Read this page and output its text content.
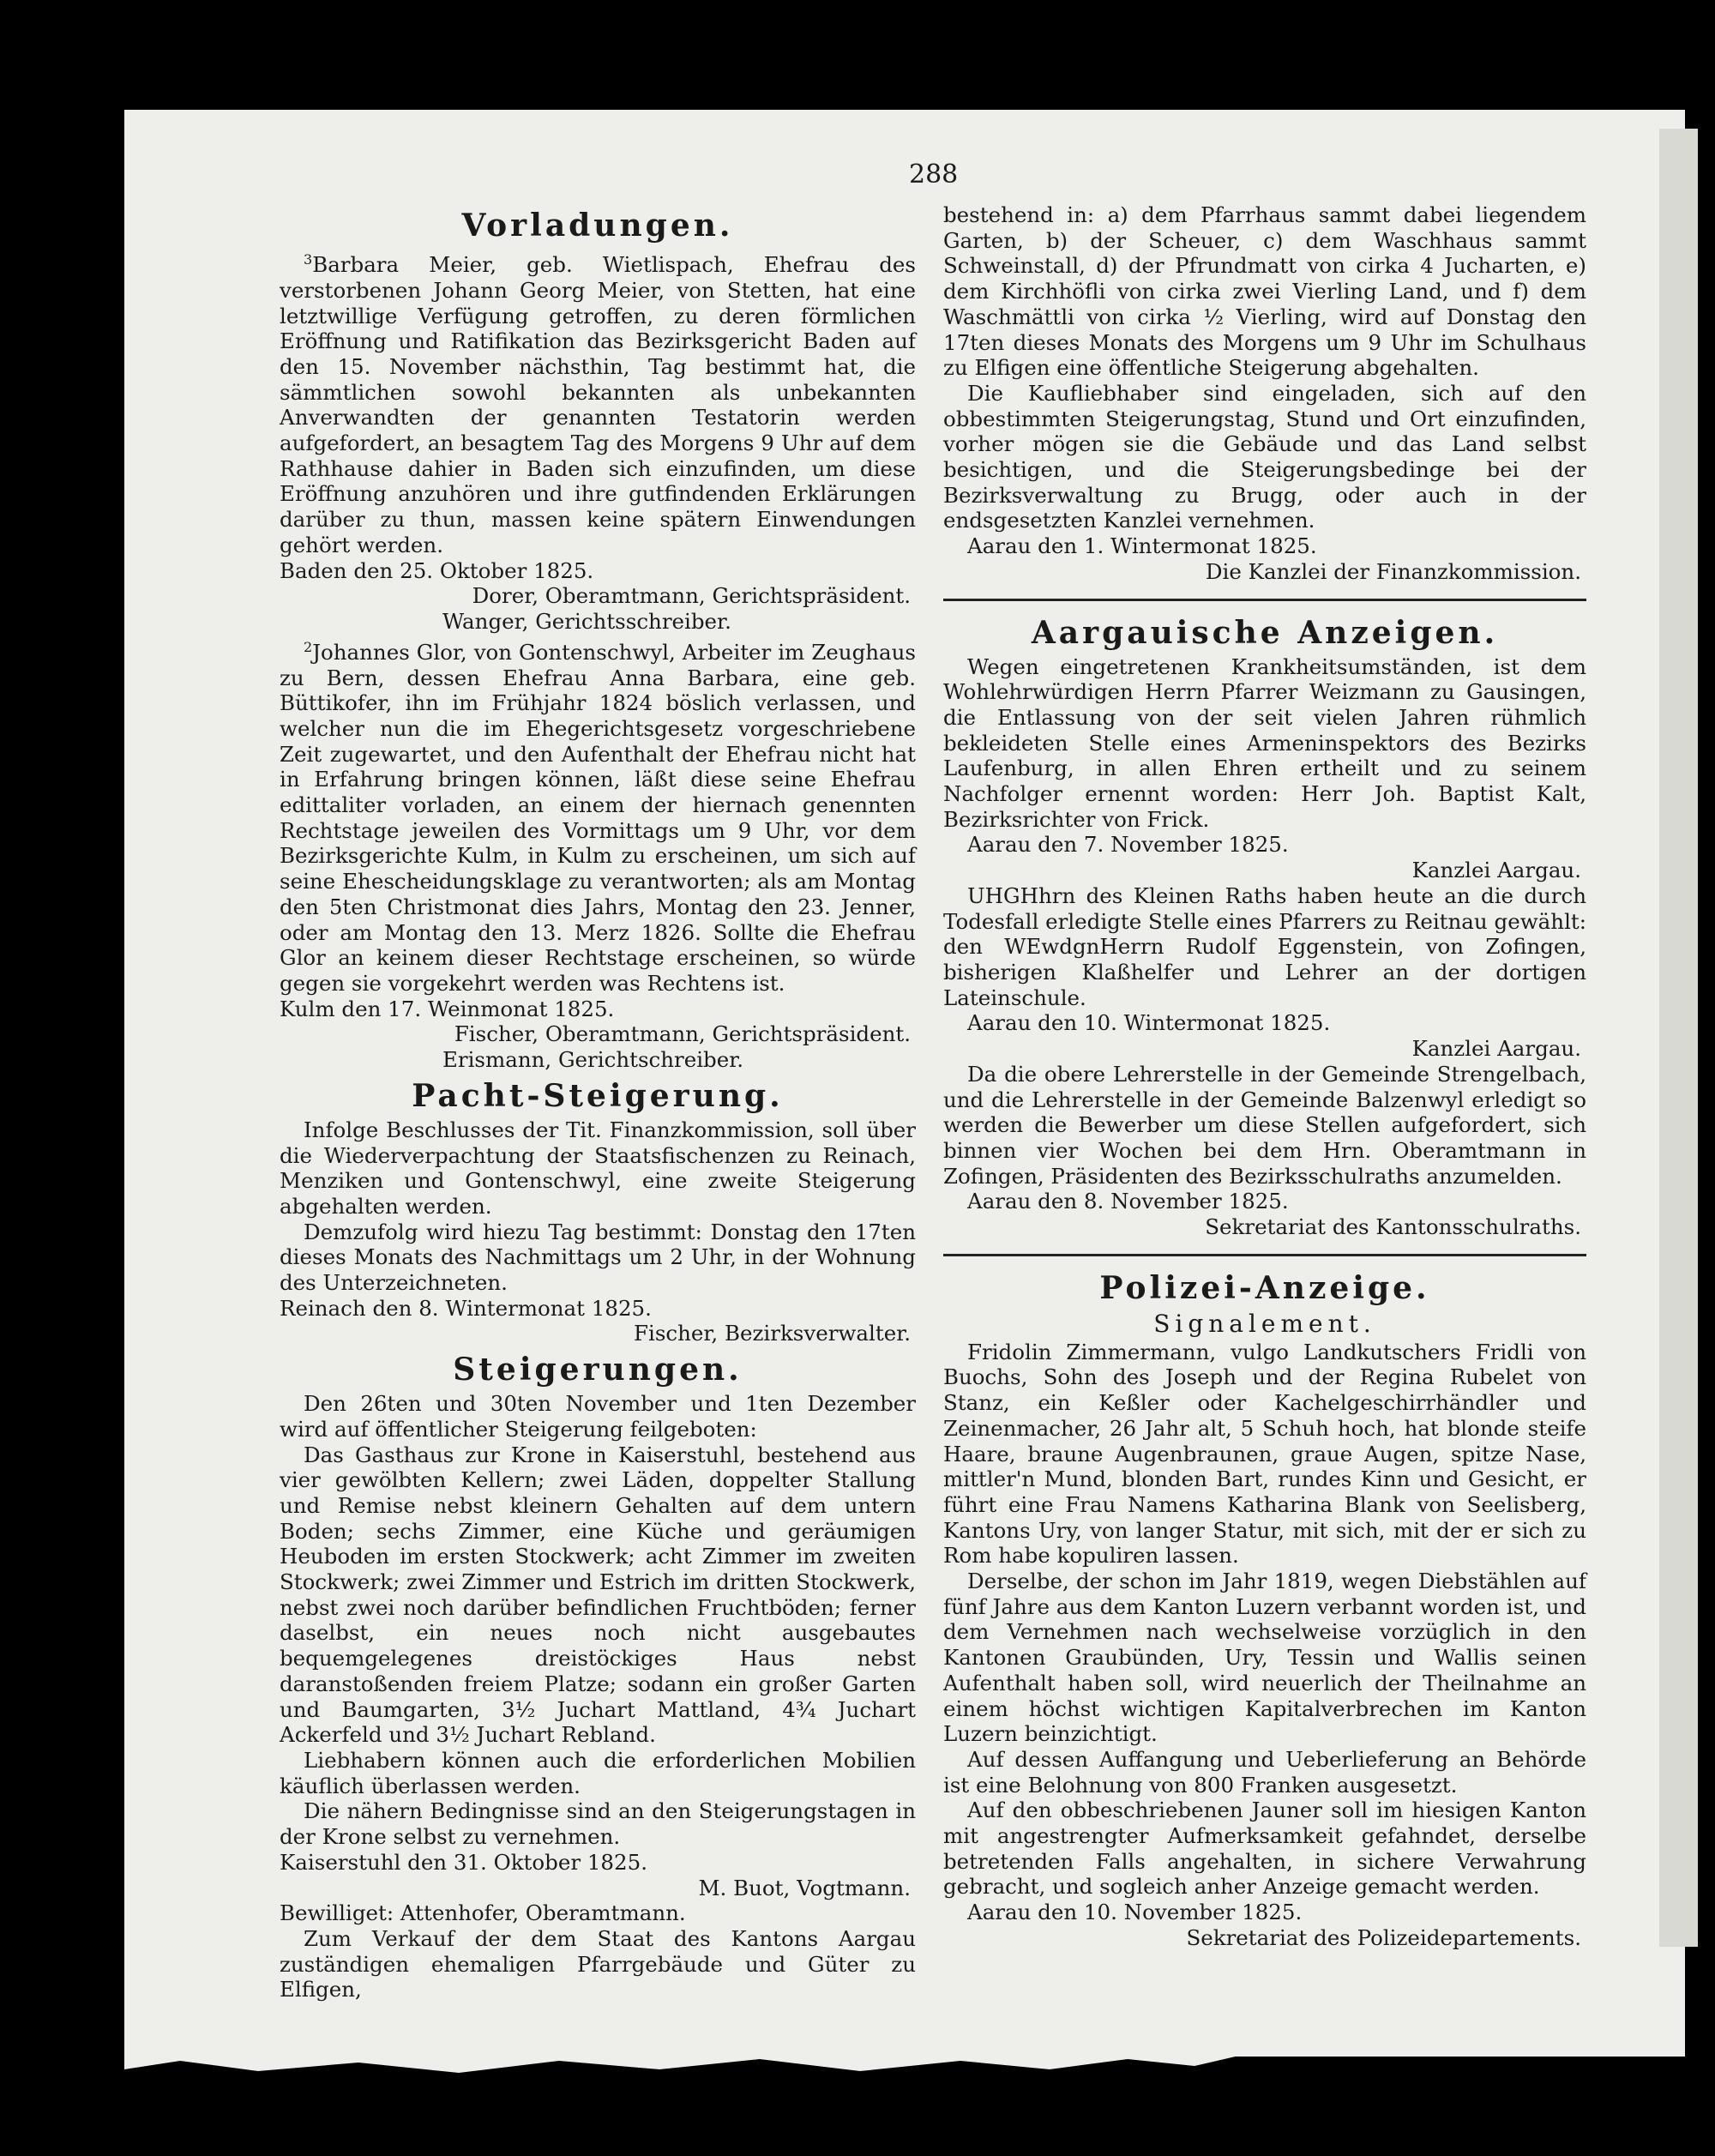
288
Vorladungen.

$^3$Barbara Meier, geb. Wietlispach, Ehefrau des verstorbenen Johann Georg Meier, von Stetten, hat eine letztwillige Verfügung getroffen, zu deren förmlichen Eröffnung und Ratifikation das Bezirksgericht Baden auf den 15. November nächsthin, Tag bestimmt hat, die sämmtlichen sowohl bekannten als unbekannten Anverwandten der genannten Testatorin werden aufgefordert, an besagtem Tag des Morgens 9 Uhr auf dem Rathhause dahier in Baden sich einzufinden, um diese Eröffnung anzuhören und ihre gutfindenden Erklärungen darüber zu thun, massen keine spätern Einwendungen gehört werden.

Baden den 25. Oktober 1825.

Dorer, Oberamtmann, Gerichtspräsident.

Wanger, Gerichtsschreiber.

$^2$Johannes Glor, von Gontenschwyl, Arbeiter im Zeughaus zu Bern, dessen Ehefrau Anna Barbara, eine geb. Büttikofer, ihn im Frühjahr 1824 böslich verlassen, und welcher nun die im Ehegerichtsgesetz vorgeschriebene Zeit zugewartet, und den Aufenthalt der Ehefrau nicht hat in Erfahrung bringen können, läßt diese seine Ehefrau edittaliter vorladen, an einem der hiernach genennten Rechtstage jeweilen des Vormittags um 9 Uhr, vor dem Bezirksgerichte Kulm, in Kulm zu erscheinen, um sich auf seine Ehescheidungsklage zu verantworten; als am Montag den 5ten Christmonat dies Jahrs, Montag den 23. Jenner, oder am Montag den 13. Merz 1826. Sollte die Ehefrau Glor an keinem dieser Rechtstage erscheinen, so würde gegen sie vorgekehrt werden was Rechtens ist.

Kulm den 17. Weinmonat 1825.

Fischer, Oberamtmann, Gerichtspräsident.

Erismann, Gerichtschreiber.

Pacht-Steigerung.

Infolge Beschlusses der Tit. Finanzkommission, soll über die Wiederverpachtung der Staatsfischenzen zu Reinach, Menziken und Gontenschwyl, eine zweite Steigerung abgehalten werden.

Demzufolg wird hiezu Tag bestimmt: Donstag den 17ten dieses Monats des Nachmittags um 2 Uhr, in der Wohnung des Unterzeichneten.

Reinach den 8. Wintermonat 1825.

Fischer, Bezirksverwalter.

Steigerungen.

Den 26ten und 30ten November und 1ten Dezember wird auf öffentlicher Steigerung feilgeboten:

Das Gasthaus zur Krone in Kaiserstuhl, bestehend aus vier gewölbten Kellern; zwei Läden, doppelter Stallung und Remise nebst kleinern Gehalten auf dem untern Boden; sechs Zimmer, eine Küche und geräumigen Heuboden im ersten Stockwerk; acht Zimmer im zweiten Stockwerk; zwei Zimmer und Estrich im dritten Stockwerk, nebst zwei noch darüber befindlichen Fruchtböden; ferner daselbst, ein neues noch nicht ausgebautes bequemgelegenes dreistöckiges Haus nebst daranstoßenden freiem Platze; sodann ein großer Garten und Baumgarten, 3½ Juchart Mattland, 4¾ Juchart Ackerfeld und 3½ Juchart Rebland.

Liebhabern können auch die erforderlichen Mobilien käuflich überlassen werden.

Die nähern Bedingnisse sind an den Steigerungstagen in der Krone selbst zu vernehmen.

Kaiserstuhl den 31. Oktober 1825.

M. Buot, Vogtmann.

Bewilliget: Attenhofer, Oberamtmann.

Zum Verkauf der dem Staat des Kantons Aargau zuständigen ehemaligen Pfarrgebäude und Güter zu Elfigen,

bestehend in: a) dem Pfarrhaus sammt dabei liegendem Garten, b) der Scheuer, c) dem Waschhaus sammt Schweinstall, d) der Pfrundmatt von cirka 4 Jucharten, e) dem Kirchhöfli von cirka zwei Vierling Land, und f) dem Waschmättli von cirka ½ Vierling, wird auf Donstag den 17ten dieses Monats des Morgens um 9 Uhr im Schulhaus zu Elfigen eine öffentliche Steigerung abgehalten.

Die Kaufliebhaber sind eingeladen, sich auf den obbestimmten Steigerungstag, Stund und Ort einzufinden, vorher mögen sie die Gebäude und das Land selbst besichtigen, und die Steigerungsbedinge bei der Bezirksverwaltung zu Brugg, oder auch in der endsgesetzten Kanzlei vernehmen.

Aarau den 1. Wintermonat 1825.

Die Kanzlei der Finanzkommission.

Aargauische Anzeigen.

Wegen eingetretenen Krankheitsumständen, ist dem Wohlehrwürdigen Herrn Pfarrer Weizmann zu Gausingen, die Entlassung von der seit vielen Jahren rühmlich bekleideten Stelle eines Armeninspektors des Bezirks Laufenburg, in allen Ehren ertheilt und zu seinem Nachfolger ernennt worden: Herr Joh. Baptist Kalt, Bezirksrichter von Frick.

Aarau den 7. November 1825.

Kanzlei Aargau.

UHGHhrn des Kleinen Raths haben heute an die durch Todesfall erledigte Stelle eines Pfarrers zu Reitnau gewählt: den WEwdgnHerrn Rudolf Eggenstein, von Zofingen, bisherigen Klaßhelfer und Lehrer an der dortigen Lateinschule.

Aarau den 10. Wintermonat 1825.

Kanzlei Aargau.

Da die obere Lehrerstelle in der Gemeinde Strengelbach, und die Lehrerstelle in der Gemeinde Balzenwyl erledigt so werden die Bewerber um diese Stellen aufgefordert, sich binnen vier Wochen bei dem Hrn. Oberamtmann in Zofingen, Präsidenten des Bezirksschulraths anzumelden.

Aarau den 8. November 1825.

Sekretariat des Kantonsschulraths.

Polizei-Anzeige.
Signalement.

Fridolin Zimmermann, vulgo Landkutschers Fridli von Buochs, Sohn des Joseph und der Regina Rubelet von Stanz, ein Keßler oder Kachelgeschirrhändler und Zeinenmacher, 26 Jahr alt, 5 Schuh hoch, hat blonde steife Haare, braune Augenbraunen, graue Augen, spitze Nase, mittler'n Mund, blonden Bart, rundes Kinn und Gesicht, er führt eine Frau Namens Katharina Blank von Seelisberg, Kantons Ury, von langer Statur, mit sich, mit der er sich zu Rom habe kopuliren lassen.

Derselbe, der schon im Jahr 1819, wegen Diebstählen auf fünf Jahre aus dem Kanton Luzern verbannt worden ist, und dem Vernehmen nach wechselweise vorzüglich in den Kantonen Graubünden, Ury, Tessin und Wallis seinen Aufenthalt haben soll, wird neuerlich der Theilnahme an einem höchst wichtigen Kapitalverbrechen im Kanton Luzern beinzichtigt.

Auf dessen Auffangung und Ueberlieferung an Behörde ist eine Belohnung von 800 Franken ausgesetzt.

Auf den obbeschriebenen Jauner soll im hiesigen Kanton mit angestrengter Aufmerksamkeit gefahndet, derselbe betretenden Falls angehalten, in sichere Verwahrung gebracht, und sogleich anher Anzeige gemacht werden.

Aarau den 10. November 1825.

Sekretariat des Polizeidepartements.
